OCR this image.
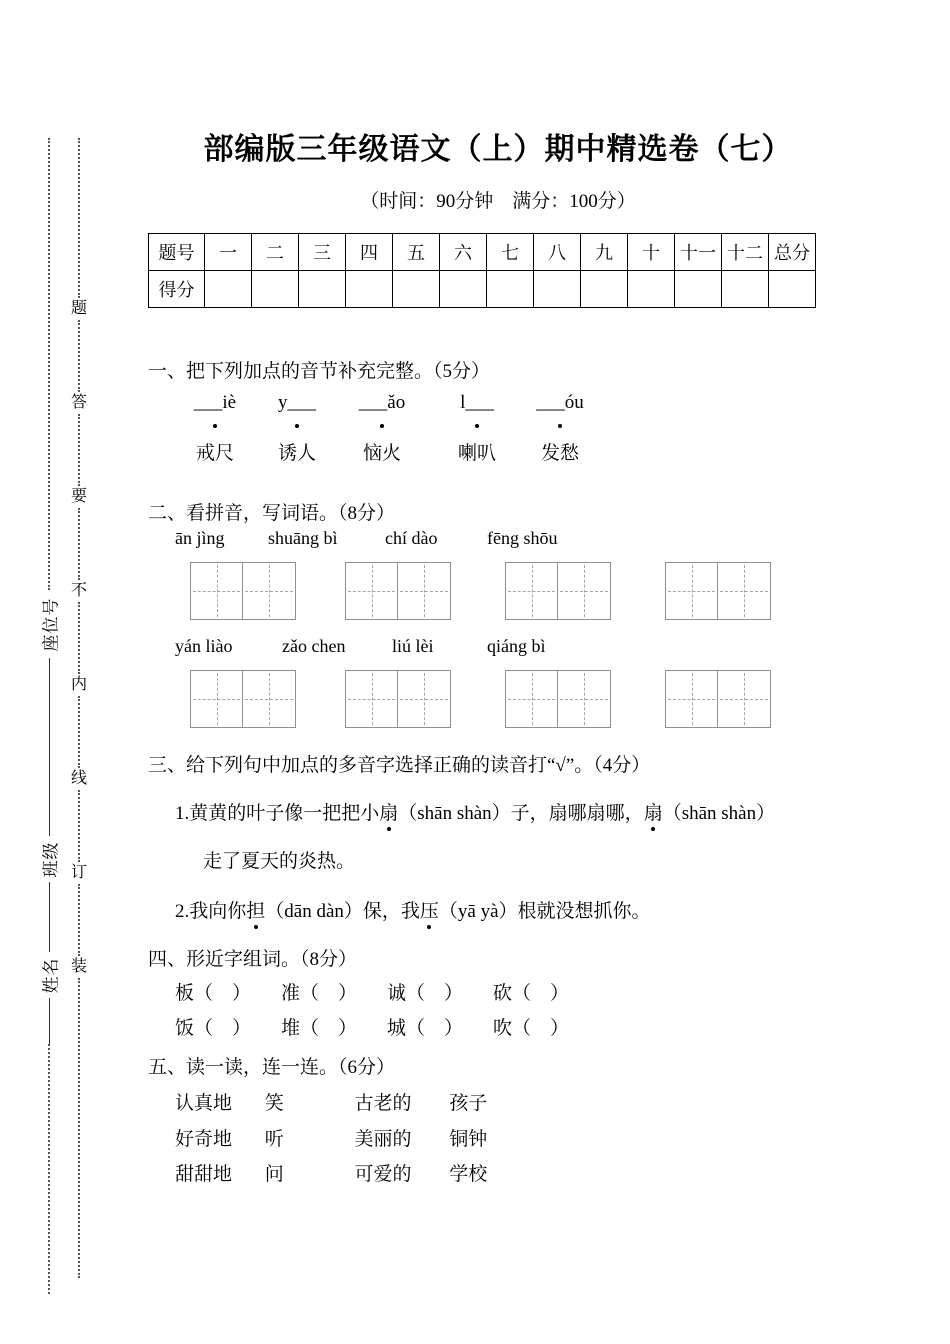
座位号
班级
姓名
题
答
要
不
内
线
订
装
部编版三年级语文（上）期中精选卷（七）
（时间：90分钟　满分：100分）
题号	一	二	三	四	五	六	七	八	九	十	十一	十二	总分
得分													
一、把下列加点的音节补充完整。（5分）
___iè
戒尺
y___
诱人
___ǎo
恼火
l___
喇叭
___óu
发愁
二、看拼音，写词语。（8分）
ān jìng shuāng bì	chí dào	fēng shōu
yán liào	zǎo chen	liú lèi	qiáng bì
三、给下列句中加点的多音字选择正确的读音打“√”。（4分）
1.黄黄的叶子像一把把小扇（shān shàn）子，扇哪扇哪，扇（shān shàn）
走了夏天的炎热。
2.我向你担（dān dàn）保，我压（yā yà）根就没想抓你。
四、形近字组词。（8分）
板（　） 准（　） 诚（　） 砍（　）
饭（　） 堆（　） 城（　） 吹（　）
五、读一读，连一连。（6分）
认真地 笑	古老的 孩子
好奇地 听	美丽的 铜钟
甜甜地 问	可爱的 学校
